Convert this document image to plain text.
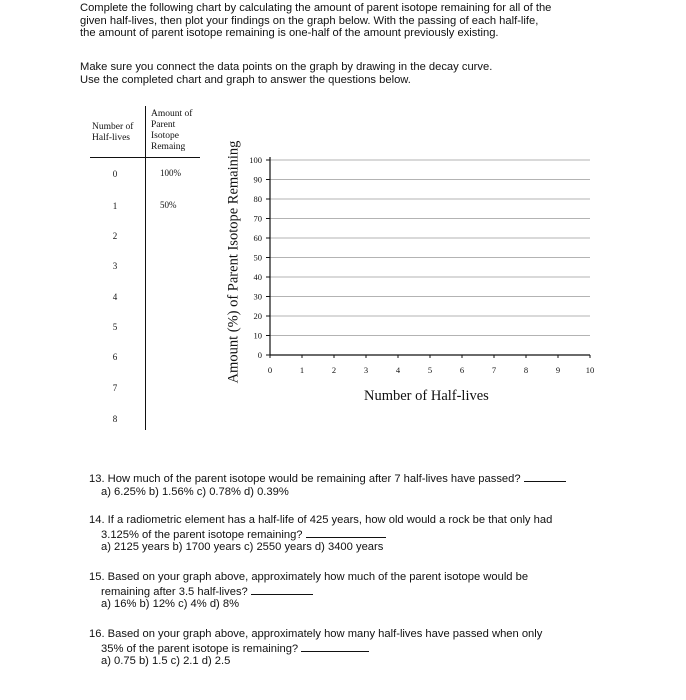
Complete the following chart by calculating the amount of parent isotope remaining for all of the
given half-lives, then plot your findings on the graph below. With the passing of each half-life,
the amount of parent isotope remaining is one-half of the amount previously existing.
Make sure you connect the data points on the graph by drawing in the decay curve.
Use the completed chart and graph to answer the questions below.
Number of
Half-lives
Amount of
Parent
Isotope
Remaing
0	100%
1	50%
2
3
4
5
6
7
8
Amount (%) of Parent Isotope Remaining 0
10
20
30
40
50
60
70
80
90
100
0	1	2	3	4	5	6	7	8	9	10
Number of Half-lives
13. How much of the parent isotope would be remaining after 7 half-lives have passed?
a) 6.25% b) 1.56% c) 0.78% d) 0.39%
14. If a radiometric element has a half-life of 425 years, how old would a rock be that only had
3.125% of the parent isotope remaining?
a) 2125 years b) 1700 years c) 2550 years d) 3400 years
15. Based on your graph above, approximately how much of the parent isotope would be
remaining after 3.5 half-lives?
a) 16% b) 12% c) 4% d) 8%
16. Based on your graph above, approximately how many half-lives have passed when only
35% of the parent isotope is remaining?
a) 0.75 b) 1.5 c) 2.1 d) 2.5
